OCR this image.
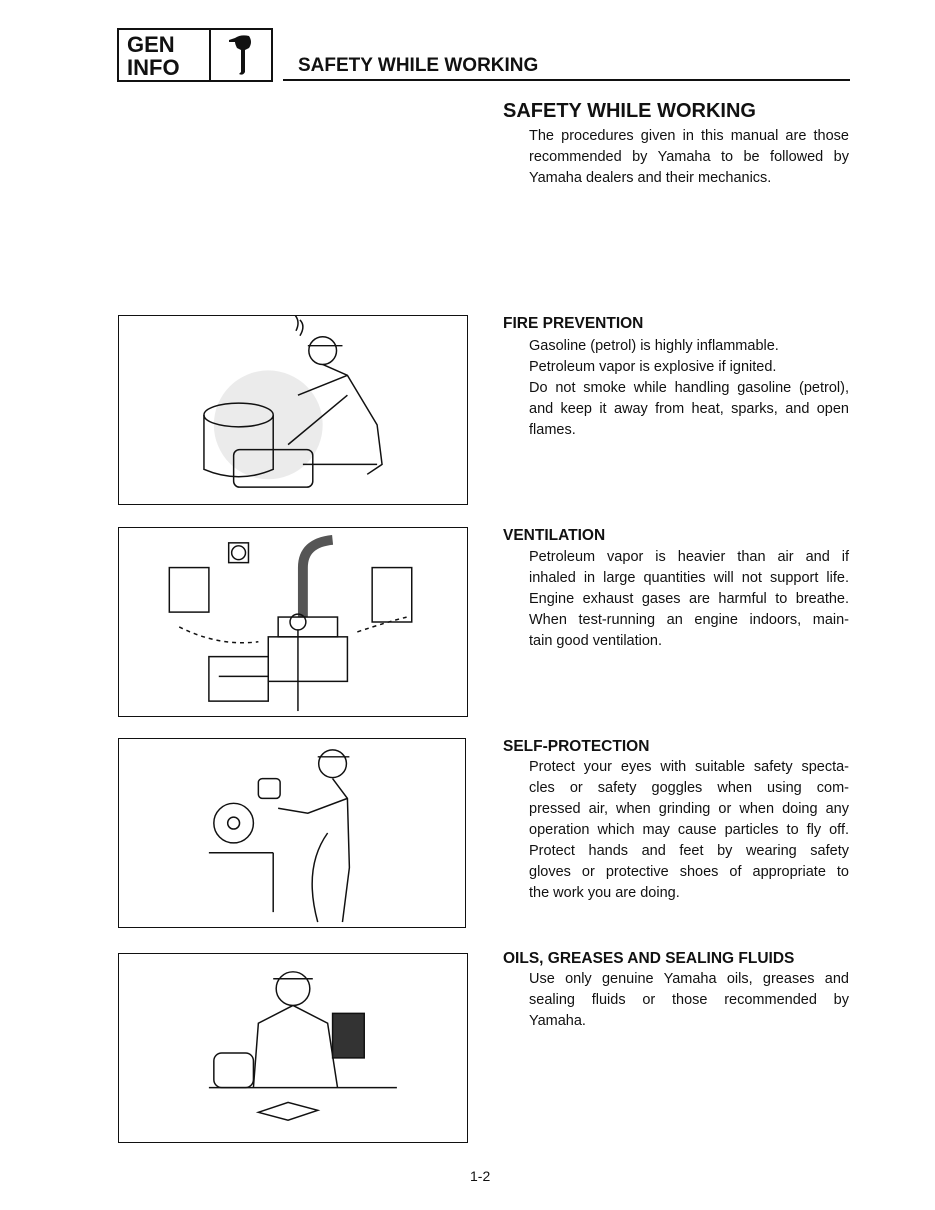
GEN
INFO	SAFETY WHILE WORKING
SAFETY WHILE WORKING
The procedures given in this manual are those
recommended by Yamaha to be followed by
Yamaha dealers and their mechanics.
FIRE PREVENTION
Gasoline (petrol) is highly inflammable.
Petroleum vapor is explosive if ignited.
Do not smoke while handling gasoline (petrol),
and keep it away from heat, sparks, and open
flames.
VENTILATION
Petroleum vapor is heavier than air and if
inhaled in large quantities will not support life.
Engine exhaust gases are harmful to breathe.
When test-running an engine indoors, main-
tain good ventilation.
SELF-PROTECTION
Protect your eyes with suitable safety specta-
cles or safety goggles when using com-
pressed air, when grinding or when doing any
operation which may cause particles to fly off.
Protect hands and feet by wearing safety
gloves or protective shoes of appropriate to
the work you are doing.
OILS, GREASES AND SEALING FLUIDS
Use only genuine Yamaha oils, greases and
sealing fluids or those recommended by
Yamaha.
1-2
